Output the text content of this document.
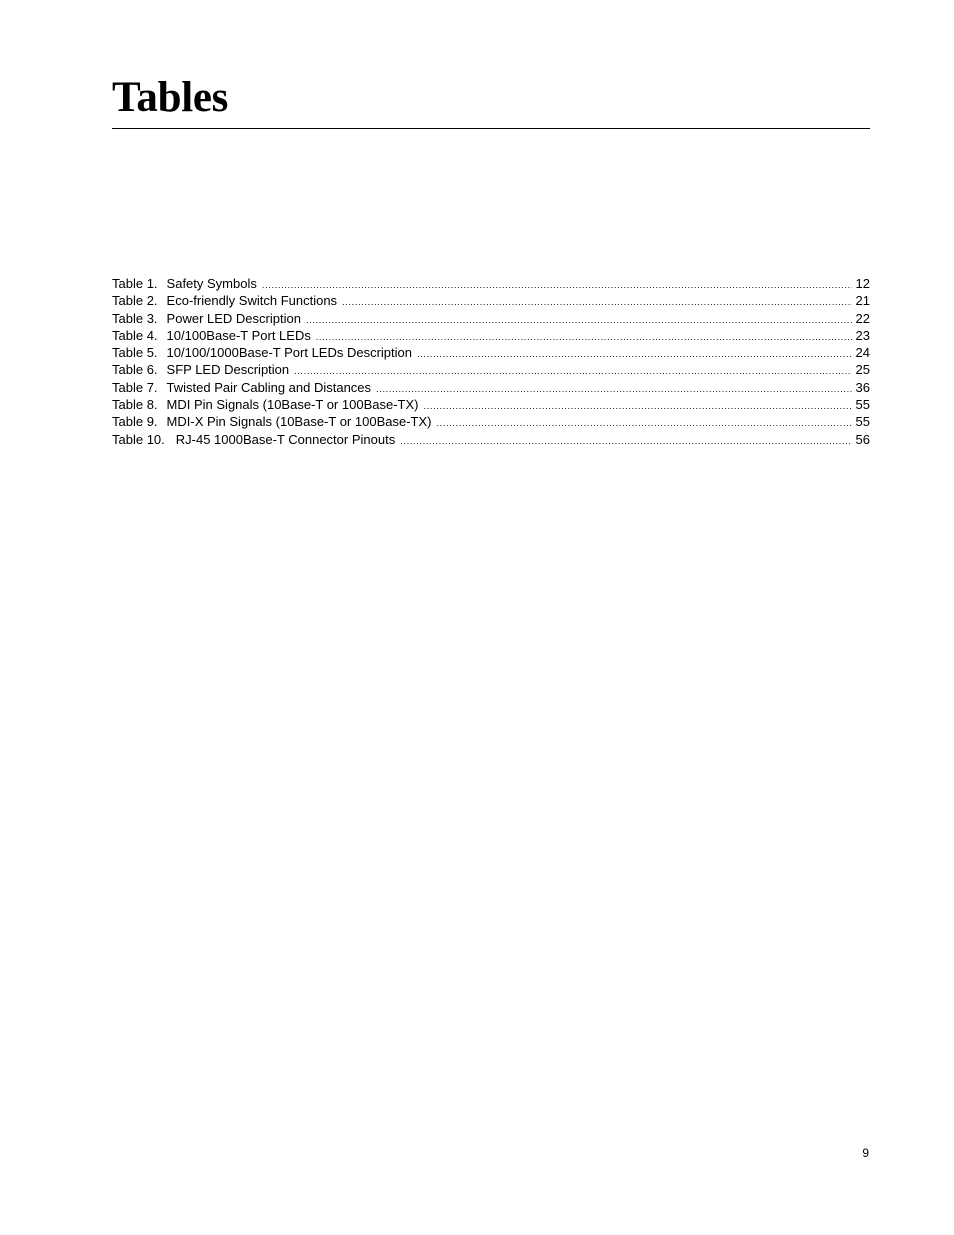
Tables
Table 1. Safety Symbols . . .	12
Table 2. Eco-friendly Switch Functions . . .	21
Table 3. Power LED Description . . .	22
Table 4. 10/100Base-T Port LEDs . . .	23
Table 5. 10/100/1000Base-T Port LEDs Description . . .	24
Table 6. SFP LED Description . . .	25
Table 7. Twisted Pair Cabling and Distances . . .	36
Table 8. MDI Pin Signals (10Base-T or 100Base-TX) . . .	55
Table 9. MDI-X Pin Signals (10Base-T or 100Base-TX) . . .	55
Table 10. RJ-45 1000Base-T Connector Pinouts . . .	56
9
